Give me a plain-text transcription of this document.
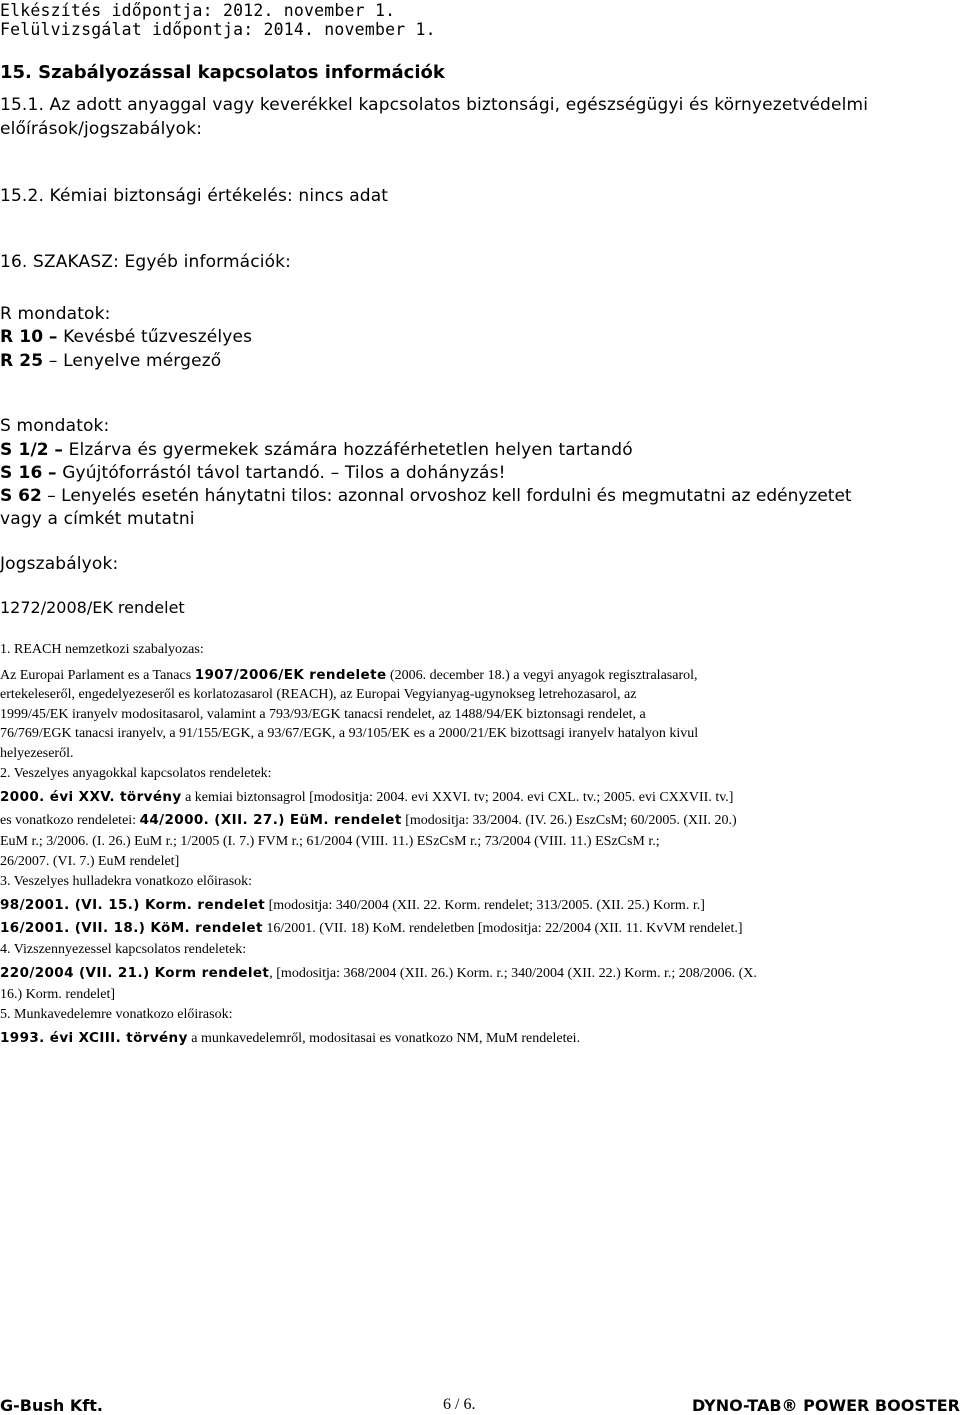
Elkészítés időpontja: 2012. november 1.
Felülvizsgálat időpontja: 2014. november 1.
15. Szabályozással kapcsolatos információk
15.1. Az adott anyaggal vagy keverékkel kapcsolatos biztonsági, egészségügyi és környezetvédelmi
előírások/jogszabályok:
15.2. Kémiai biztonsági értékelés: nincs adat
16. SZAKASZ: Egyéb információk:
R mondatok:
R 10 – Kevésbé tűzveszélyes
R 25 – Lenyelve mérgező
S mondatok:
S 1/2 – Elzárva és gyermekek számára hozzáférhetetlen helyen tartandó
S 16 – Gyújtóforrástól távol tartandó. – Tilos a dohányzás!
S 62 – Lenyelés esetén hánytatni tilos: azonnal orvoshoz kell fordulni és megmutatni az edényzetet
vagy a címkét mutatni
Jogszabályok:
1272/2008/EK rendelet
1. REACH nemzetkozi szabalyozas:
Az Europai Parlament es a Tanacs 1907/2006/EK rendelete (2006. december 18.) a vegyi anyagok regisztralasarol,
ertekeleseről, engedelyezeseről es korlatozasarol (REACH), az Europai Vegyianyag-ugynokseg letrehozasarol, az
1999/45/EK iranyelv modositasarol, valamint a 793/93/EGK tanacsi rendelet, az 1488/94/EK biztonsagi rendelet, a
76/769/EGK tanacsi iranyelv, a 91/155/EGK, a 93/67/EGK, a 93/105/EK es a 2000/21/EK bizottsagi iranyelv hatalyon kivul
helyezeseről.
2. Veszelyes anyagokkal kapcsolatos rendeletek:
2000. évi XXV. törvény a kemiai biztonsagrol [modositja: 2004. evi XXVI. tv; 2004. evi CXL. tv.; 2005. evi CXXVII. tv.]
es vonatkozo rendeletei: 44/2000. (XII. 27.) EüM. rendelet [modositja: 33/2004. (IV. 26.) EszCsM; 60/2005. (XII. 20.)
EuM r.; 3/2006. (I. 26.) EuM r.; 1/2005 (I. 7.) FVM r.; 61/2004 (VIII. 11.) ESzCsM r.; 73/2004 (VIII. 11.) ESzCsM r.;
26/2007. (VI. 7.) EuM rendelet]
3. Veszelyes hulladekra vonatkozo előirasok:
98/2001. (VI. 15.) Korm. rendelet [modositja: 340/2004 (XII. 22. Korm. rendelet; 313/2005. (XII. 25.) Korm. r.]
16/2001. (VII. 18.) KöM. rendelet 16/2001. (VII. 18) KoM. rendeletben [modositja: 22/2004 (XII. 11. KvVM rendelet.]
4. Vizszennyezessel kapcsolatos rendeletek:
220/2004 (VII. 21.) Korm rendelet, [modositja: 368/2004 (XII. 26.) Korm. r.; 340/2004 (XII. 22.) Korm. r.; 208/2006. (X.
16.) Korm. rendelet]
5. Munkavedelemre vonatkozo előirasok:
1993. évi XCIII. törvény a munkavedelemről, modositasai es vonatkozo NM, MuM rendeletei.
G-Bush Kft.	6 / 6.	DYNO-TAB® POWER BOOSTER
